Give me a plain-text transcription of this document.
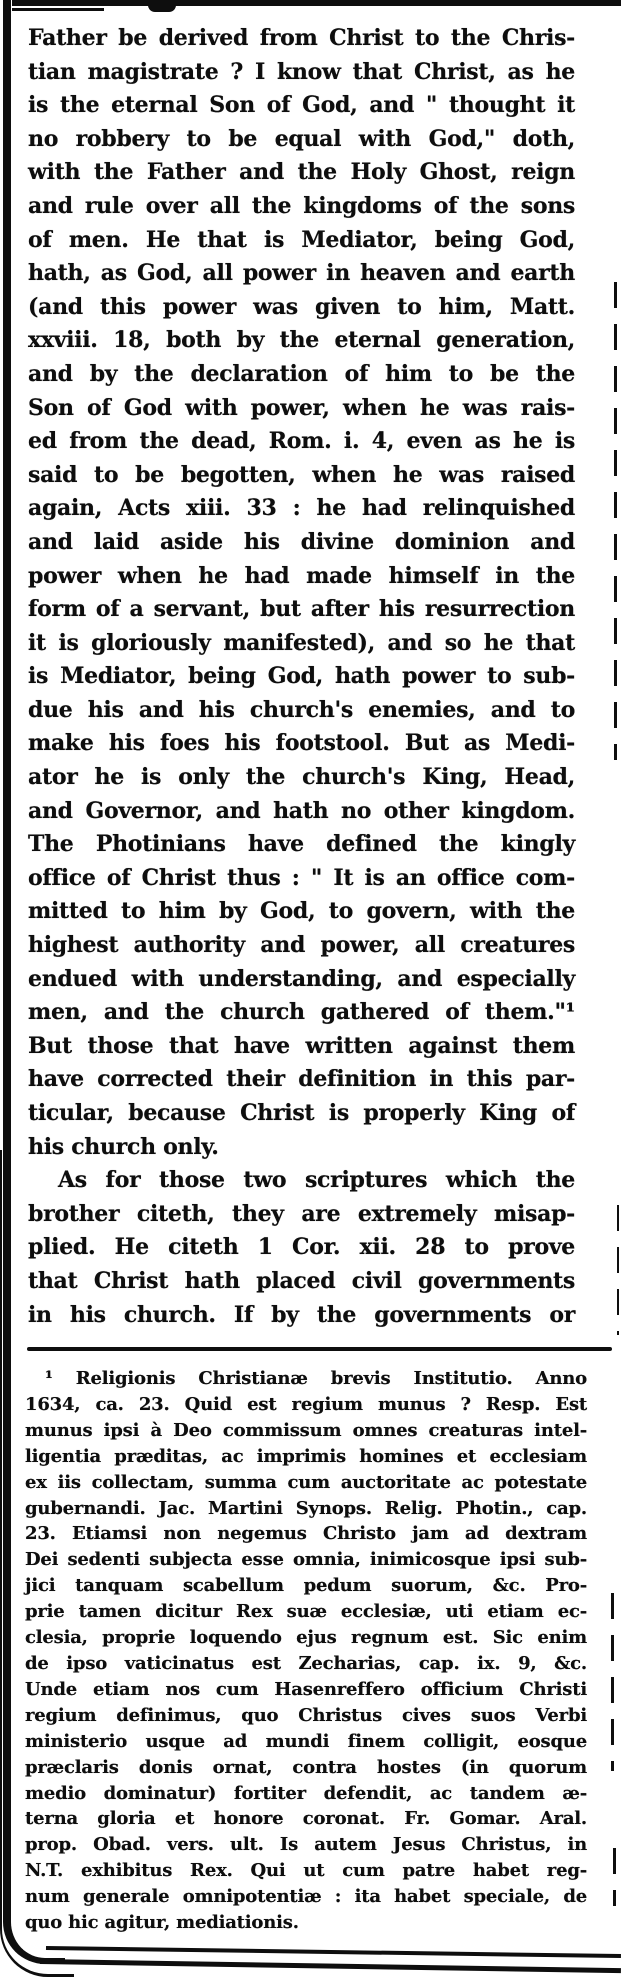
Father be derived from Christ to the Chris-
tian magistrate ? I know that Christ, as he
is the eternal Son of God, and " thought it
no robbery to be equal with God," doth,
with the Father and the Holy Ghost, reign
and rule over all the kingdoms of the sons
of men. He that is Mediator, being God,
hath, as God, all power in heaven and earth
(and this power was given to him, Matt.
xxviii. 18, both by the eternal generation,
and by the declaration of him to be the
Son of God with power, when he was rais-
ed from the dead, Rom. i. 4, even as he is
said to be begotten, when he was raised
again, Acts xiii. 33 : he had relinquished
and laid aside his divine dominion and
power when he had made himself in the
form of a servant, but after his resurrection
it is gloriously manifested), and so he that
is Mediator, being God, hath power to sub-
due his and his church's enemies, and to
make his foes his footstool. But as Medi-
ator he is only the church's King, Head,
and Governor, and hath no other kingdom.
The Photinians have defined the kingly
office of Christ thus : " It is an office com-
mitted to him by God, to govern, with the
highest authority and power, all creatures
endued with understanding, and especially
men, and the church gathered of them."¹
But those that have written against them
have corrected their definition in this par-
ticular, because Christ is properly King of
his church only.
As for those two scriptures which the
brother citeth, they are extremely misap-
plied. He citeth 1 Cor. xii. 28 to prove
that Christ hath placed civil governments
in his church. If by the governments or
¹ Religionis Christianæ brevis Institutio. Anno
1634, ca. 23. Quid est regium munus ? Resp. Est
munus ipsi à Deo commissum omnes creaturas intel-
ligentia præditas, ac imprimis homines et ecclesiam
ex iis collectam, summa cum auctoritate ac potestate
gubernandi. Jac. Martini Synops. Relig. Photin., cap.
23. Etiamsi non negemus Christo jam ad dextram
Dei sedenti subjecta esse omnia, inimicosque ipsi sub-
jici tanquam scabellum pedum suorum, &c. Pro-
prie tamen dicitur Rex suæ ecclesiæ, uti etiam ec-
clesia, proprie loquendo ejus regnum est. Sic enim
de ipso vaticinatus est Zecharias, cap. ix. 9, &c.
Unde etiam nos cum Hasenreffero officium Christi
regium definimus, quo Christus cives suos Verbi
ministerio usque ad mundi finem colligit, eosque
præclaris donis ornat, contra hostes (in quorum
medio dominatur) fortiter defendit, ac tandem æ-
terna gloria et honore coronat. Fr. Gomar. Aral.
prop. Obad. vers. ult. Is autem Jesus Christus, in
N.T. exhibitus Rex. Qui ut cum patre habet reg-
num generale omnipotentiæ : ita habet speciale, de
quo hic agitur, mediationis.
